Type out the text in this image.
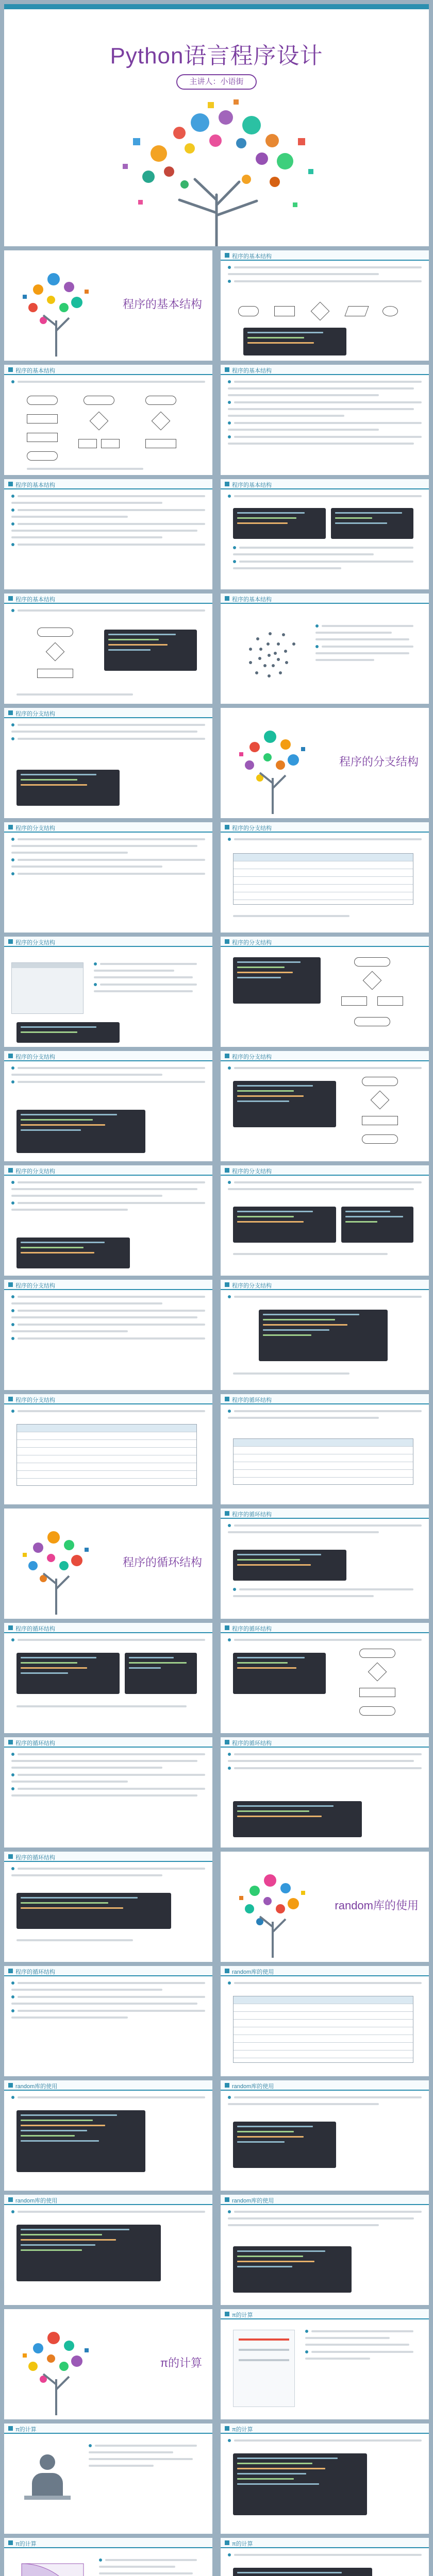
Python语言程序设计
主讲人：小语街
程序的基本结构
程序的基本结构
程序的基本结构	程序的基本结构
程序的基本结构	程序的基本结构
程序的基本结构	程序的基本结构
程序的分支结构
程序的分支结构
程序的分支结构	程序的分支结构
程序的分支结构	程序的分支结构
程序的分支结构	程序的分支结构
程序的分支结构	程序的分支结构
程序的分支结构	程序的分支结构
程序的分支结构	程序的循环结构
程序的循环结构
程序的循环结构
程序的循环结构	程序的循环结构
程序的循环结构	程序的循环结构
程序的循环结构
random库的使用
程序的循环结构	random库的使用
random库的使用	random库的使用
random库的使用	random库的使用
π的计算
π的计算
π的计算	π的计算
π的计算	π的计算
